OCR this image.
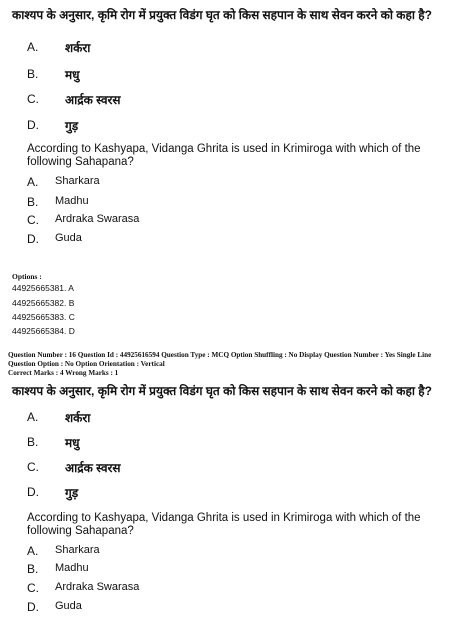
काश्यप के अनुसार, कृमि रोग में प्रयुक्त विडंग घृत को किस सहपान के साथ सेवन करने को कहा है?
A. शर्करा
B. मधु
C. आर्द्रक स्वरस
D. गुड़
According to Kashyapa, Vidanga Ghrita is used in Krimiroga with which of the following Sahapana?
A. Sharkara
B. Madhu
C. Ardraka Swarasa
D. Guda
Options :
44925665381. A
44925665382. B
44925665383. C
44925665384. D
Question Number : 16 Question Id : 44925616594 Question Type : MCQ Option Shuffling : No Display Question Number : Yes Single Line Question Option : No Option Orientation : Vertical
Correct Marks : 4 Wrong Marks : 1
काश्यप के अनुसार, कृमि रोग में प्रयुक्त विडंग घृत को किस सहपान के साथ सेवन करने को कहा है?
A. शर्करा
B. मधु
C. आर्द्रक स्वरस
D. गुड़
According to Kashyapa, Vidanga Ghrita is used in Krimiroga with which of the following Sahapana?
A. Sharkara
B. Madhu
C. Ardraka Swarasa
D. Guda
